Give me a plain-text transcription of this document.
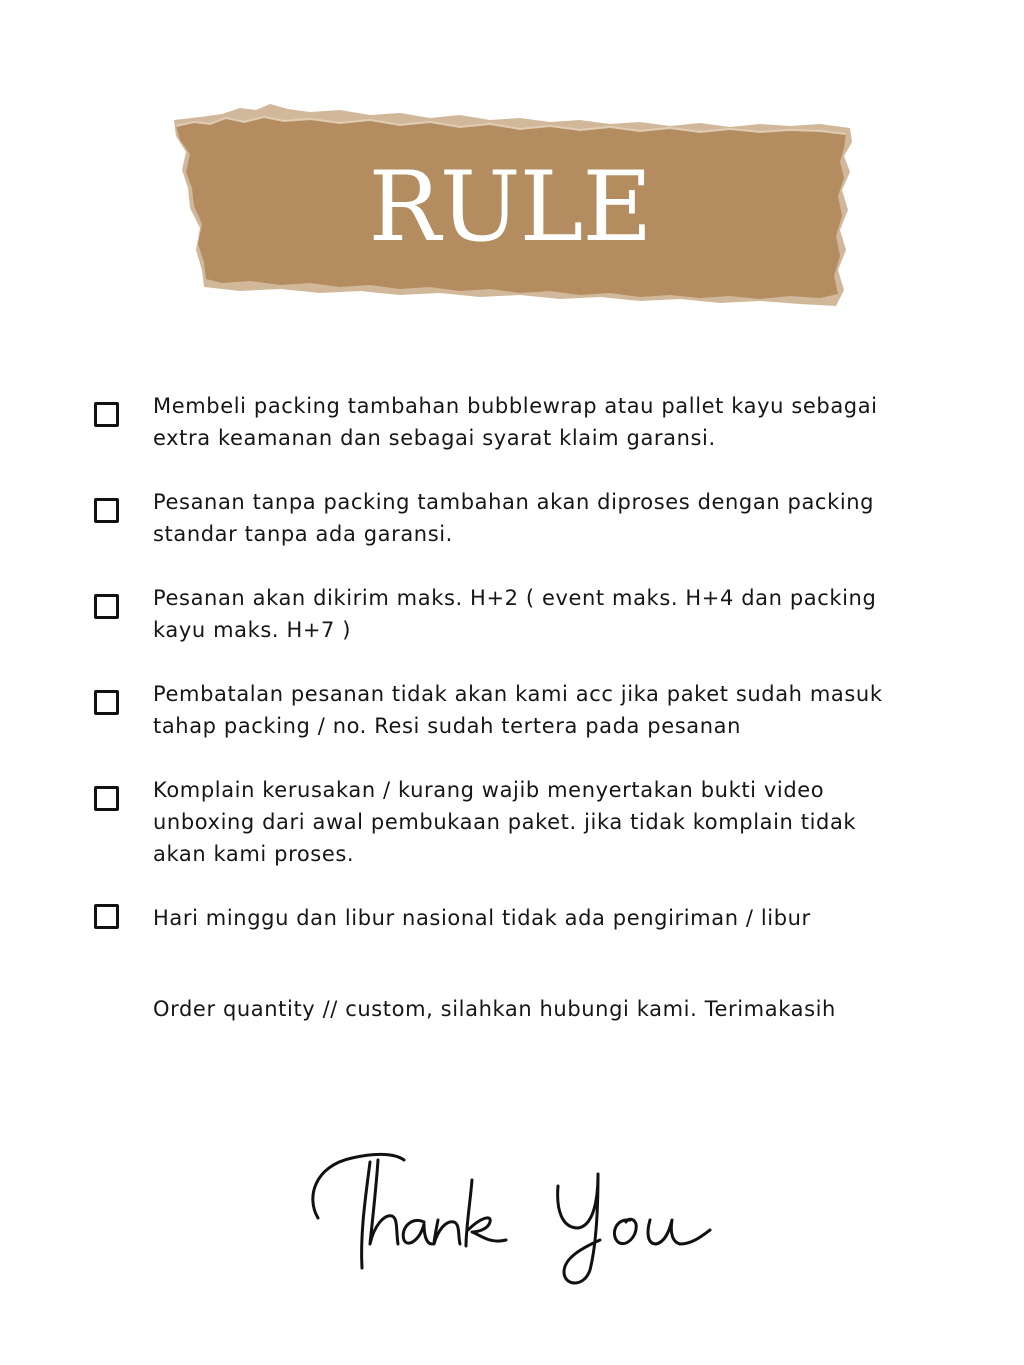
RULE
Membeli packing tambahan bubblewrap atau pallet kayu sebagai
extra keamanan dan sebagai syarat klaim garansi.
Pesanan tanpa packing tambahan akan diproses dengan packing
standar tanpa ada garansi.
Pesanan akan dikirim maks. H+2 ( event maks. H+4 dan packing
kayu maks. H+7 )
Pembatalan pesanan tidak akan kami acc jika paket sudah masuk
tahap packing / no. Resi sudah tertera pada pesanan
Komplain kerusakan / kurang wajib menyertakan bukti video
unboxing dari awal pembukaan paket. jika tidak komplain tidak
akan kami proses.
Hari minggu dan libur nasional tidak ada pengiriman / libur
Order quantity // custom, silahkan hubungi kami. Terimakasih
